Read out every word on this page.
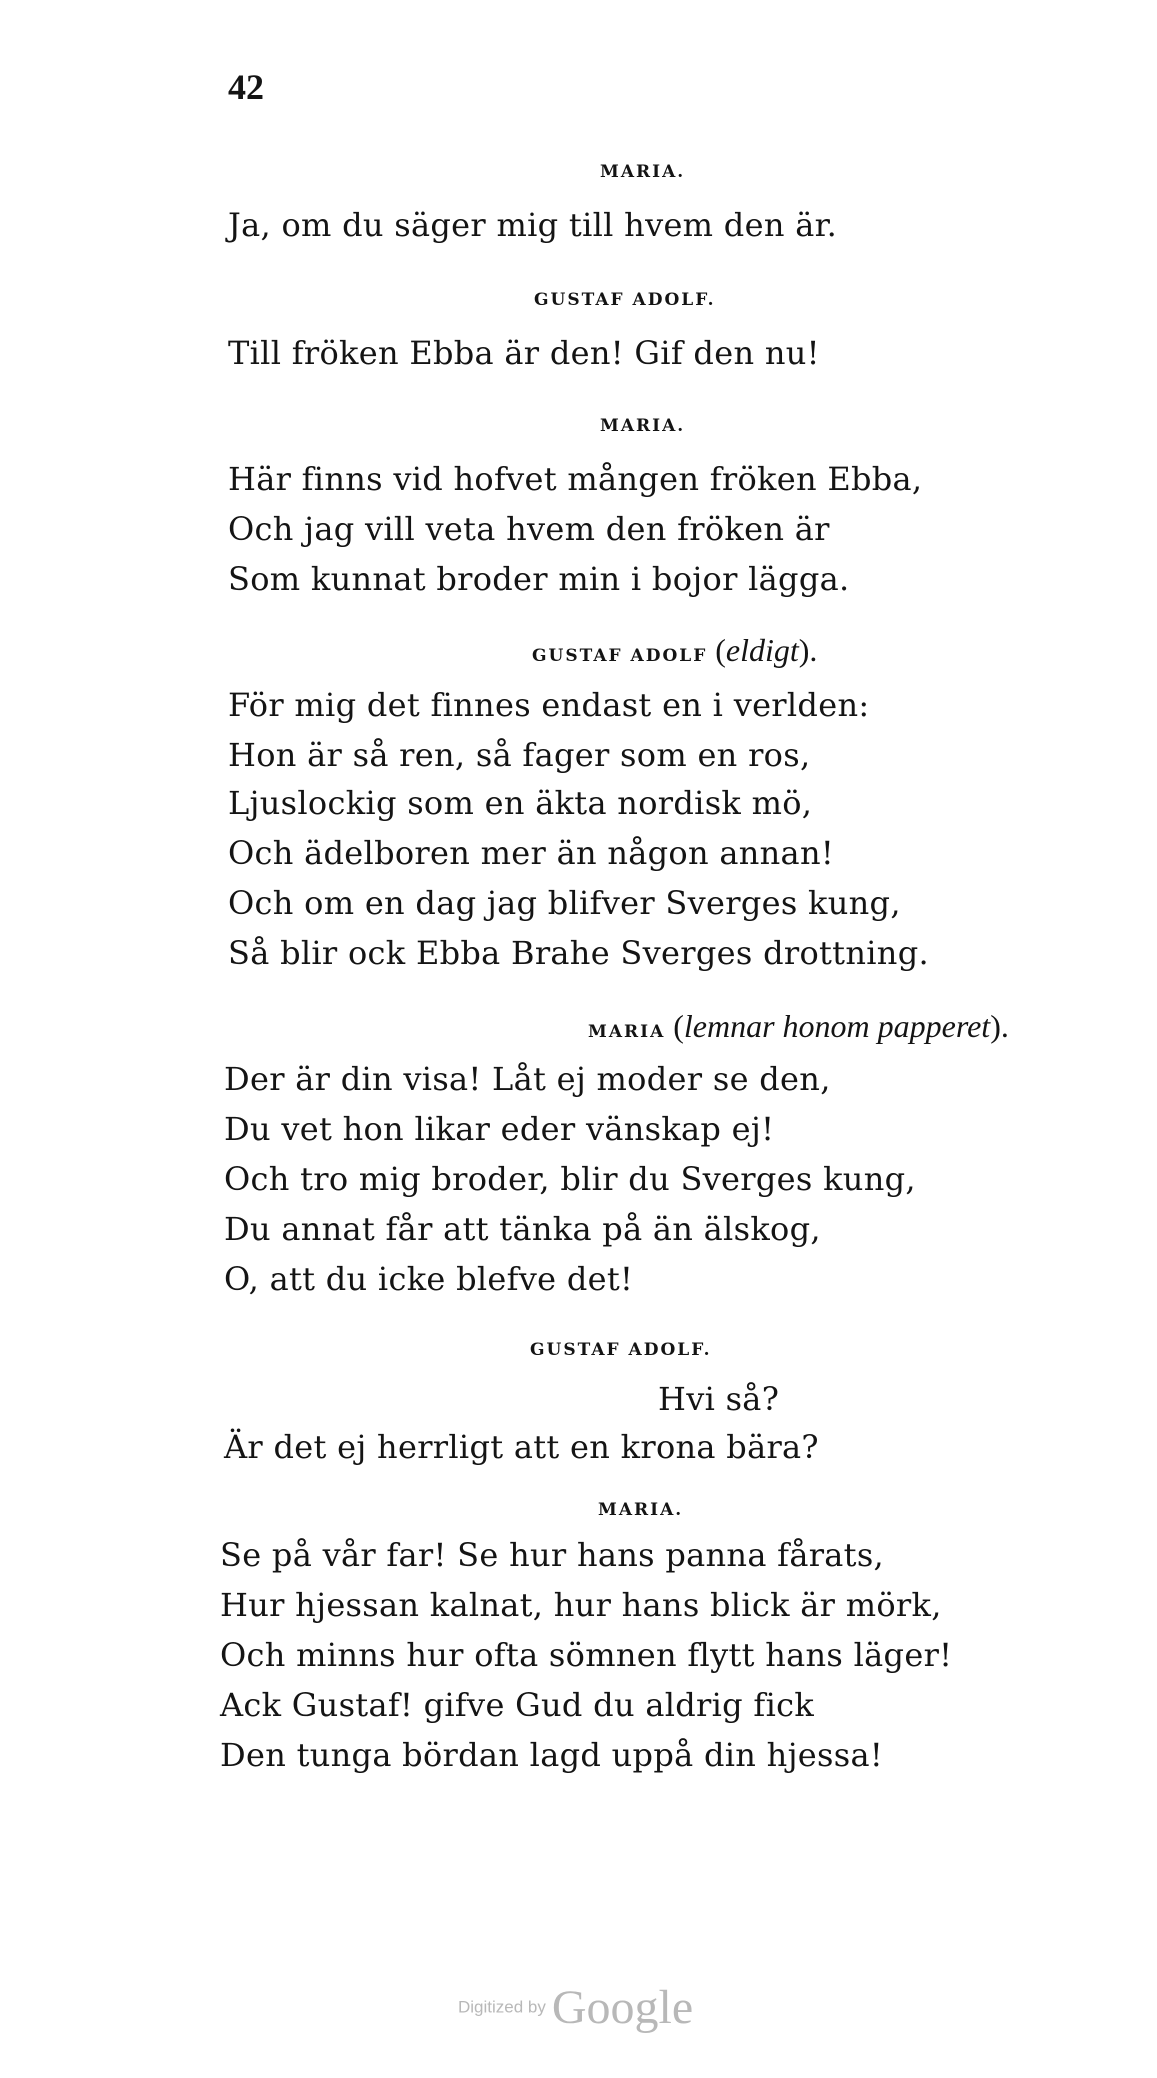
42
MARIA.
Ja, om du säger mig till hvem den är.
GUSTAF ADOLF.
Till fröken Ebba är den! Gif den nu!
MARIA.
Här finns vid hofvet mången fröken Ebba,
Och jag vill veta hvem den fröken är
Som kunnat broder min i bojor lägga.
GUSTAF ADOLF (eldigt).
För mig det finnes endast en i verlden:
Hon är så ren, så fager som en ros,
Ljuslockig som en äkta nordisk mö,
Och ädelboren mer än någon annan!
Och om en dag jag blifver Sverges kung,
Så blir ock Ebba Brahe Sverges drottning.
MARIA (lemnar honom papperet).
Der är din visa! Låt ej moder se den,
Du vet hon likar eder vänskap ej!
Och tro mig broder, blir du Sverges kung,
Du annat får att tänka på än älskog,
O, att du icke blefve det!
GUSTAF ADOLF.
Hvi så?
Är det ej herrligt att en krona bära?
MARIA.
Se på vår far! Se hur hans panna fårats,
Hur hjessan kalnat, hur hans blick är mörk,
Och minns hur ofta sömnen flytt hans läger!
Ack Gustaf! gifve Gud du aldrig fick
Den tunga bördan lagd uppå din hjessa!
Digitized by Google
